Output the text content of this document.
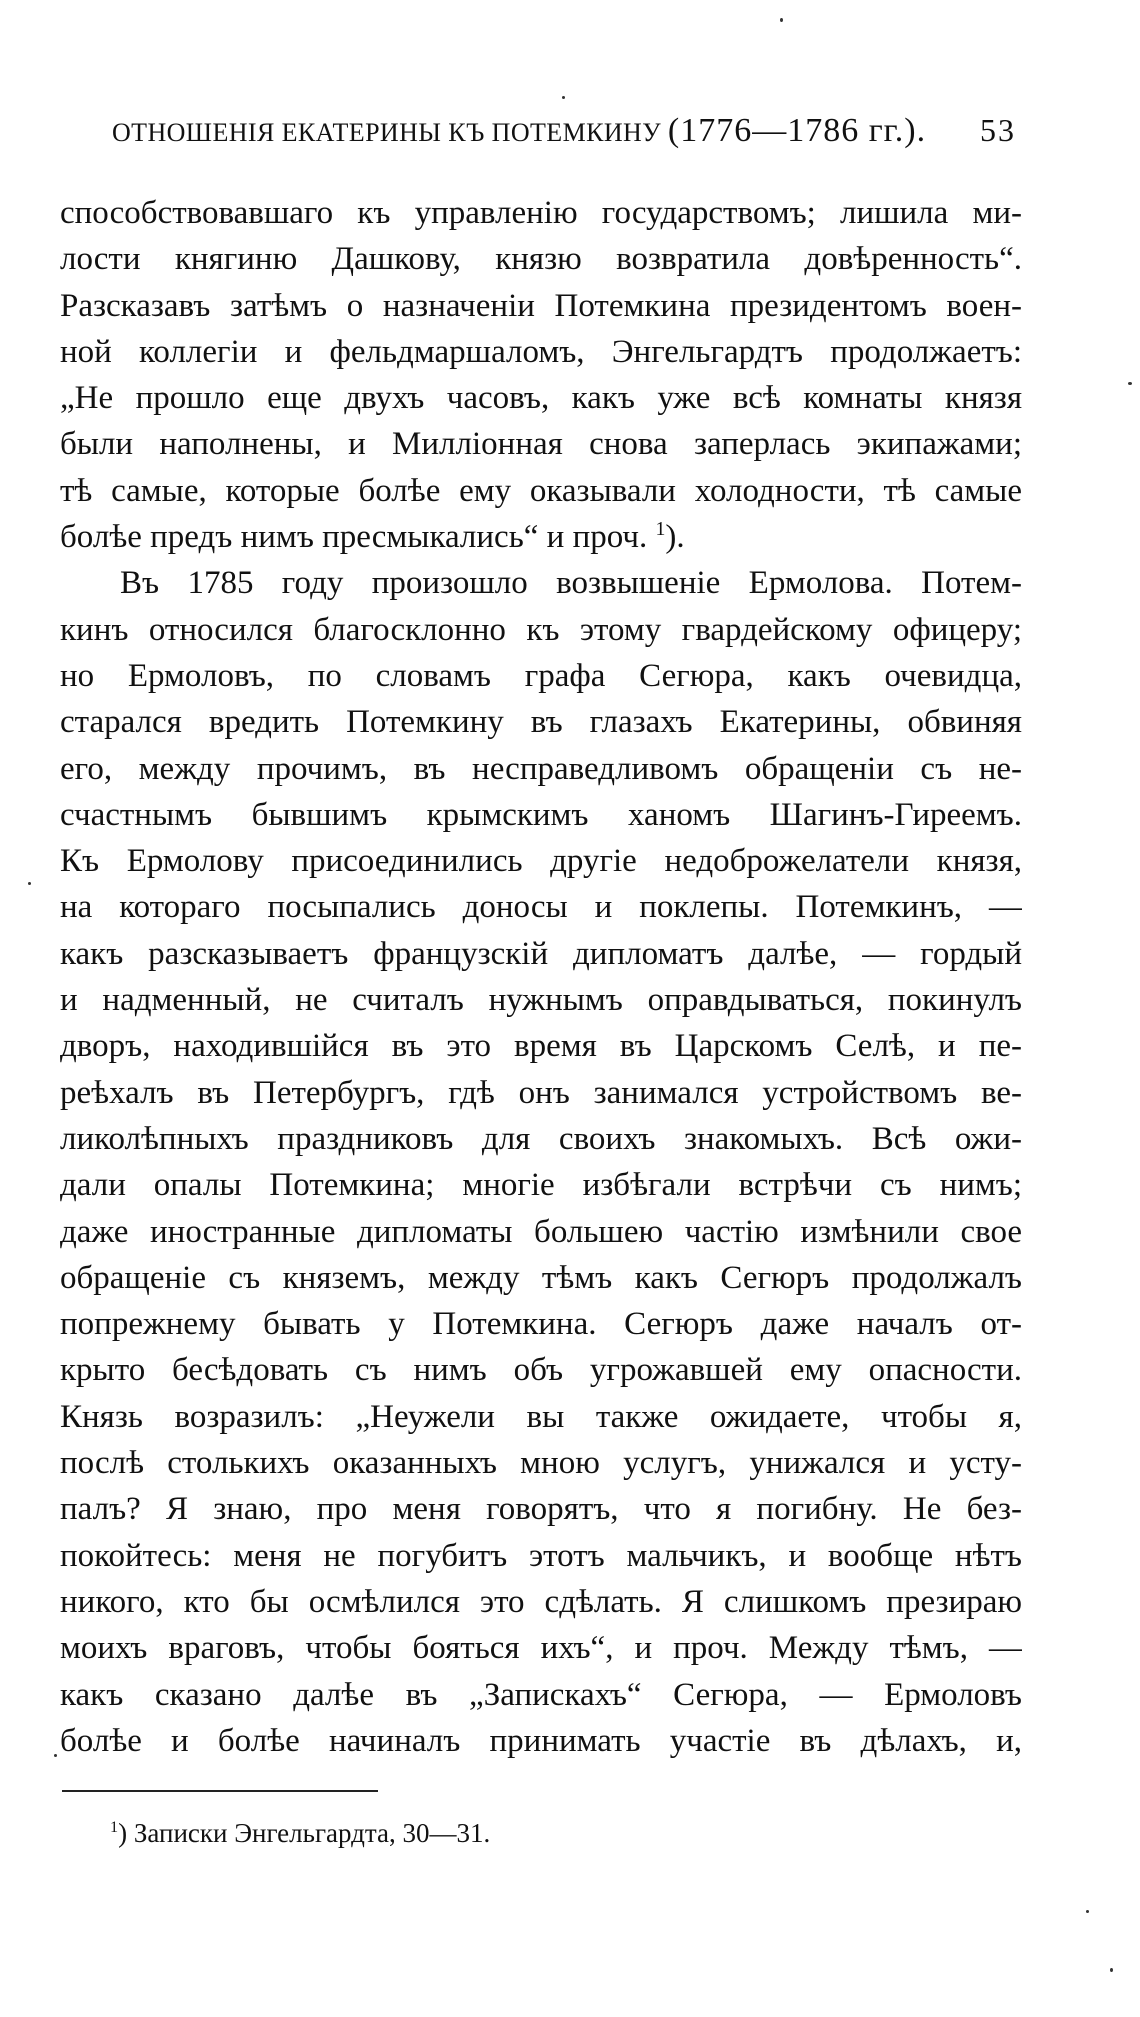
ОТНОШЕНІЯ ЕКАТЕРИНЫ КЪ ПОТЕМКИНУ (1776—1786 гг.). 53
способствовавшаго къ управленію государствомъ; лишила ми-
лости княгиню Дашкову, князю возвратила довѣренность“.
Разсказавъ затѣмъ о назначеніи Потемкина президентомъ воен-
ной коллегіи и фельдмаршаломъ, Энгельгардтъ продолжаетъ:
„Не прошло еще двухъ часовъ, какъ уже всѣ комнаты князя
были наполнены, и Милліонная снова заперлась экипажами;
тѣ самые, которые болѣе ему оказывали холодности, тѣ самые
болѣе предъ нимъ пресмыкались“ и проч. $^1$).
Въ 1785 году произошло возвышеніе Ермолова. Потем-
кинъ относился благосклонно къ этому гвардейскому офицеру;
но Ермоловъ, по словамъ графа Сегюра, какъ очевидца,
старался вредить Потемкину въ глазахъ Екатерины, обвиняя
его, между прочимъ, въ несправедливомъ обращеніи съ не-
счастнымъ бывшимъ крымскимъ ханомъ Шагинъ-Гиреемъ.
Къ Ермолову присоединились другіе недоброжелатели князя,
на котораго посыпались доносы и поклепы. Потемкинъ, —
какъ разсказываетъ французскій дипломатъ далѣе, — гордый
и надменный, не считалъ нужнымъ оправдываться, покинулъ
дворъ, находившійся въ это время въ Царскомъ Селѣ, и пе-
реѣхалъ въ Петербургъ, гдѣ онъ занимался устройствомъ ве-
ликолѣпныхъ праздниковъ для своихъ знакомыхъ. Всѣ ожи-
дали опалы Потемкина; многіе избѣгали встрѣчи съ нимъ;
даже иностранные дипломаты большею частію измѣнили свое
обращеніе съ княземъ, между тѣмъ какъ Сегюръ продолжалъ
попрежнему бывать у Потемкина. Сегюръ даже началъ от-
крыто бесѣдовать съ нимъ объ угрожавшей ему опасности.
Князь возразилъ: „Неужели вы также ожидаете, чтобы я,
послѣ столькихъ оказанныхъ мною услугъ, унижался и усту-
палъ? Я знаю, про меня говорятъ, что я погибну. Не без-
покойтесь: меня не погубитъ этотъ мальчикъ, и вообще нѣтъ
никого, кто бы осмѣлился это сдѣлать. Я слишкомъ презираю
моихъ враговъ, чтобы бояться ихъ“, и проч. Между тѣмъ, —
какъ сказано далѣе въ „Запискахъ“ Сегюра, — Ермоловъ
болѣе и болѣе начиналъ принимать участіе въ дѣлахъ, и,
$^1$) Записки Энгельгардта, 30—31.
